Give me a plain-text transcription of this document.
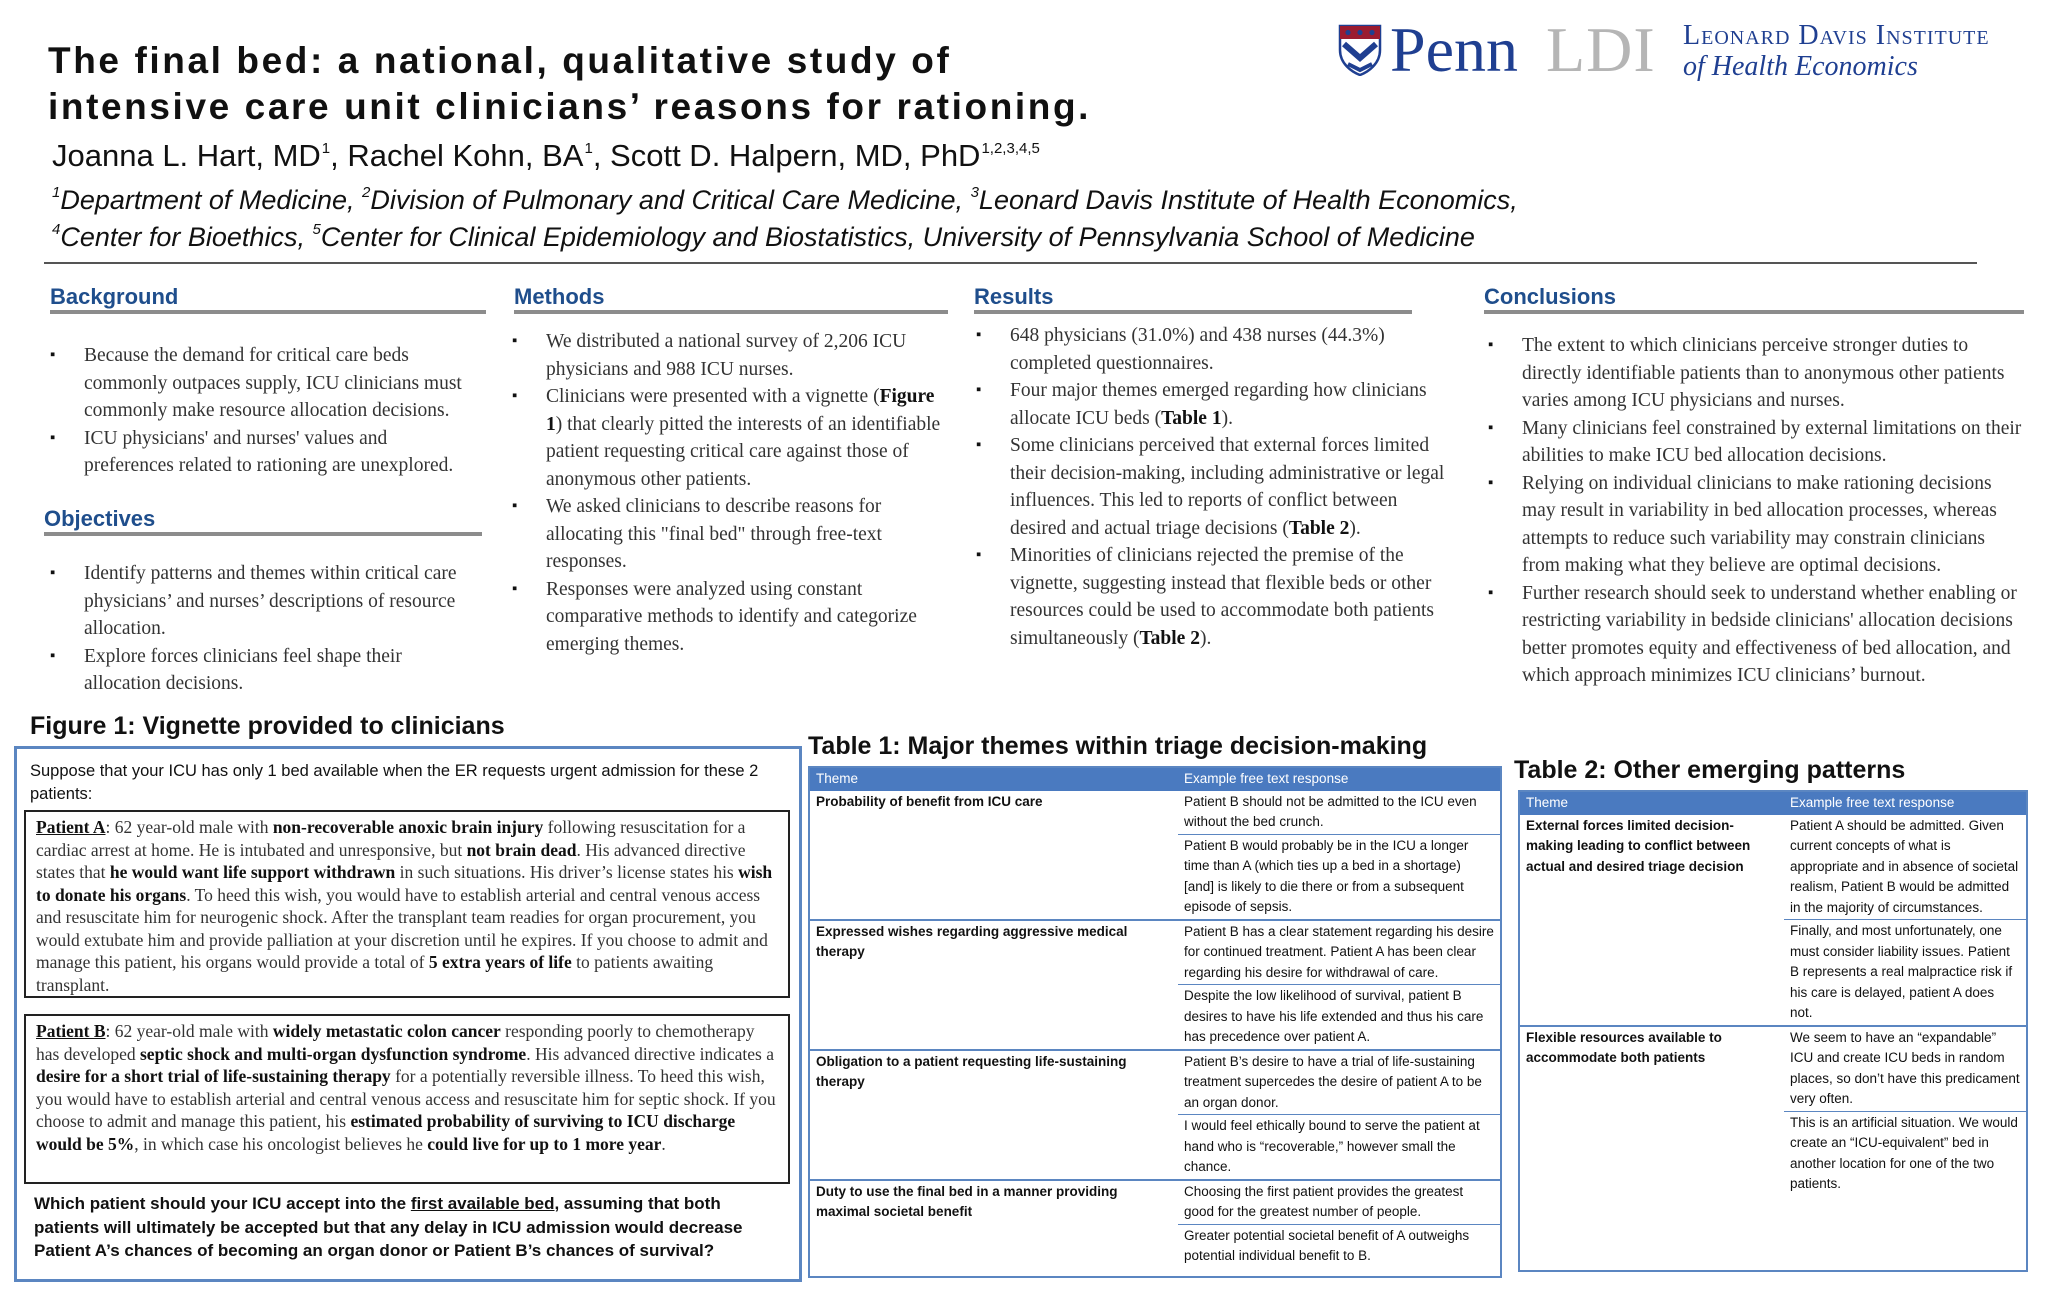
The final bed: a national, qualitative study of
intensive care unit clinicians’ reasons for rationing.
Joanna L. Hart, $MD^1$, Rachel Kohn, $BA^1$, Scott D. Halpern, MD, PhD$^{1,2,3,4,5}$
$^1$Department of Medicine, $^2$Division of Pulmonary and Critical Care Medicine, $^3$Leonard Davis Institute of Health Economics,
$^4$Center for Bioethics, $^5$Center for Clinical Epidemiology and Biostatistics, University of Pennsylvania School of Medicine
Penn LDI Leonard Davis Institute
of Health Economics
Background
▪ Because the demand for critical care beds commonly outpaces supply, ICU clinicians must commonly make resource allocation decisions.
▪ ICU physicians' and nurses' values and preferences related to rationing are unexplored.
Objectives
▪ Identify patterns and themes within critical care physicians’ and nurses’ descriptions of resource allocation.
▪ Explore forces clinicians feel shape their allocation decisions.
Methods
▪ We distributed a national survey of 2,206 ICU physicians and 988 ICU nurses.
▪ Clinicians were presented with a vignette (Figure 1) that clearly pitted the interests of an identifiable patient requesting critical care against those of anonymous other patients.
▪ We asked clinicians to describe reasons for allocating this "final bed" through free-text responses.
▪ Responses were analyzed using constant comparative methods to identify and categorize emerging themes.
Results
▪ 648 physicians (31.0%) and 438 nurses (44.3%) completed questionnaires.
▪ Four major themes emerged regarding how clinicians allocate ICU beds (Table 1).
▪ Some clinicians perceived that external forces limited their decision-making, including administrative or legal influences. This led to reports of conflict between desired and actual triage decisions (Table 2).
▪ Minorities of clinicians rejected the premise of the vignette, suggesting instead that flexible beds or other resources could be used to accommodate both patients simultaneously (Table 2).
Conclusions
▪ The extent to which clinicians perceive stronger duties to directly identifiable patients than to anonymous other patients varies among ICU physicians and nurses.
▪ Many clinicians feel constrained by external limitations on their abilities to make ICU bed allocation decisions.
▪ Relying on individual clinicians to make rationing decisions may result in variability in bed allocation processes, whereas attempts to reduce such variability may constrain clinicians from making what they believe are optimal decisions.
▪ Further research should seek to understand whether enabling or restricting variability in bedside clinicians' allocation decisions better promotes equity and effectiveness of bed allocation, and which approach minimizes ICU clinicians’ burnout.
Figure 1: Vignette provided to clinicians
Suppose that your ICU has only 1 bed available when the ER requests urgent admission for these 2 patients:
Patient A: 62 year-old male with non-recoverable anoxic brain injury following resuscitation for a cardiac arrest at home. He is intubated and unresponsive, but not brain dead. His advanced directive states that he would want life support withdrawn in such situations. His driver’s license states his wish to donate his organs. To heed this wish, you would have to establish arterial and central venous access and resuscitate him for neurogenic shock. After the transplant team readies for organ procurement, you would extubate him and provide palliation at your discretion until he expires. If you choose to admit and manage this patient, his organs would provide a total of 5 extra years of life to patients awaiting transplant.
Patient B: 62 year-old male with widely metastatic colon cancer responding poorly to chemotherapy has developed septic shock and multi-organ dysfunction syndrome. His advanced directive indicates a desire for a short trial of life-sustaining therapy for a potentially reversible illness. To heed this wish, you would have to establish arterial and central venous access and resuscitate him for septic shock. If you choose to admit and manage this patient, his estimated probability of surviving to ICU discharge would be 5%, in which case his oncologist believes he could live for up to 1 more year.
Which patient should your ICU accept into the first available bed, assuming that both patients will ultimately be accepted but that any delay in ICU admission would decrease Patient A’s chances of becoming an organ donor or Patient B’s chances of survival?
Table 1: Major themes within triage decision-making
Theme	Example free text response
Probability of benefit from ICU care	Patient B should not be admitted to the ICU even without the bed crunch.
	Patient B would probably be in the ICU a longer time than A (which ties up a bed in a shortage) [and] is likely to die there or from a subsequent episode of sepsis.
Expressed wishes regarding aggressive medical therapy	Patient B has a clear statement regarding his desire for continued treatment. Patient A has been clear regarding his desire for withdrawal of care.
	Despite the low likelihood of survival, patient B desires to have his life extended and thus his care has precedence over patient A.
Obligation to a patient requesting life-sustaining therapy	Patient B’s desire to have a trial of life-sustaining treatment supercedes the desire of patient A to be an organ donor.
	I would feel ethically bound to serve the patient at hand who is “recoverable,” however small the chance.
Duty to use the final bed in a manner providing maximal societal benefit	Choosing the first patient provides the greatest good for the greatest number of people.
	Greater potential societal benefit of A outweighs potential individual benefit to B.
Table 2: Other emerging patterns
Theme	Example free text response
External forces limited decision-making leading to conflict between actual and desired triage decision	Patient A should be admitted. Given current concepts of what is appropriate and in absence of societal realism, Patient B would be admitted in the majority of circumstances.
	Finally, and most unfortunately, one must consider liability issues. Patient B represents a real malpractice risk if his care is delayed, patient A does not.
Flexible resources available to accommodate both patients	We seem to have an “expandable” ICU and create ICU beds in random places, so don’t have this predicament very often.
	This is an artificial situation. We would create an “ICU-equivalent” bed in another location for one of the two patients.
